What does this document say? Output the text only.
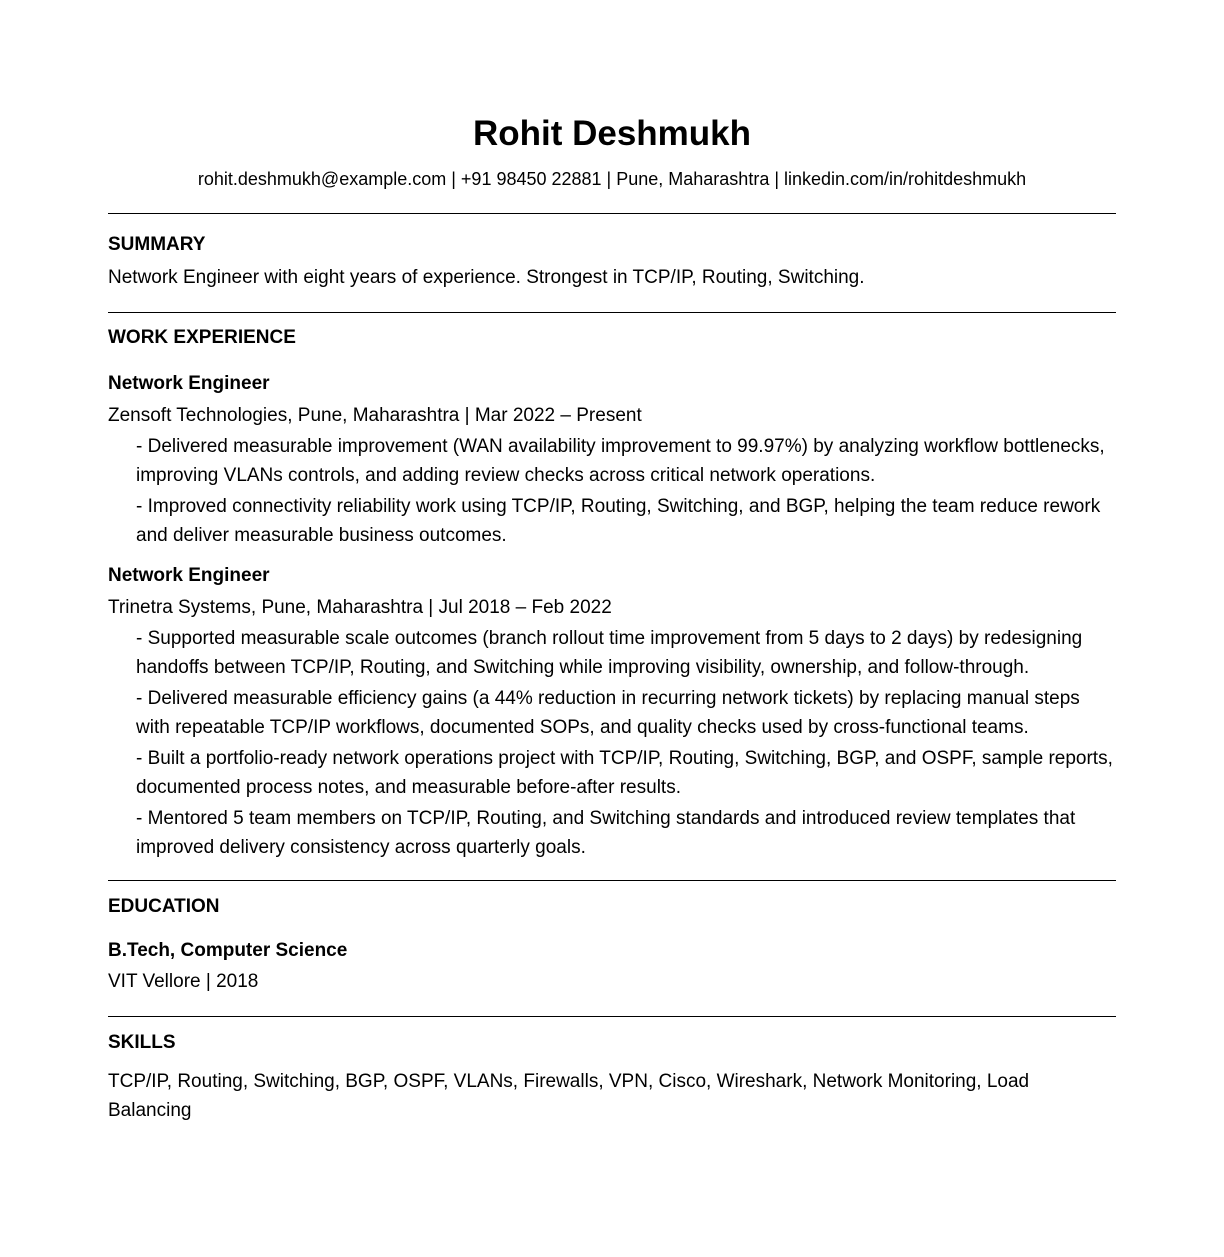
Rohit Deshmukh
rohit.deshmukh@example.com | +91 98450 22881 | Pune, Maharashtra | linkedin.com/in/rohitdeshmukh
SUMMARY

Network Engineer with eight years of experience. Strongest in TCP/IP, Routing, Switching.

WORK EXPERIENCE
Network Engineer
Zensoft Technologies, Pune, Maharashtra | Mar 2022 – Present
- Delivered measurable improvement (WAN availability improvement to 99.97%) by analyzing workflow bottlenecks, improving VLANs controls, and adding review checks across critical network operations.
- Improved connectivity reliability work using TCP/IP, Routing, Switching, and BGP, helping the team reduce rework and deliver measurable business outcomes.
Network Engineer
Trinetra Systems, Pune, Maharashtra | Jul 2018 – Feb 2022
- Supported measurable scale outcomes (branch rollout time improvement from 5 days to 2 days) by redesigning handoffs between TCP/IP, Routing, and Switching while improving visibility, ownership, and follow-through.
- Delivered measurable efficiency gains (a 44% reduction in recurring network tickets) by replacing manual steps with repeatable TCP/IP workflows, documented SOPs, and quality checks used by cross-functional teams.
- Built a portfolio-ready network operations project with TCP/IP, Routing, Switching, BGP, and OSPF, sample reports, documented process notes, and measurable before-after results.
- Mentored 5 team members on TCP/IP, Routing, and Switching standards and introduced review templates that improved delivery consistency across quarterly goals.
EDUCATION
B.Tech, Computer Science
VIT Vellore | 2018
SKILLS

TCP/IP, Routing, Switching, BGP, OSPF, VLANs, Firewalls, VPN, Cisco, Wireshark, Network Monitoring, Load Balancing
